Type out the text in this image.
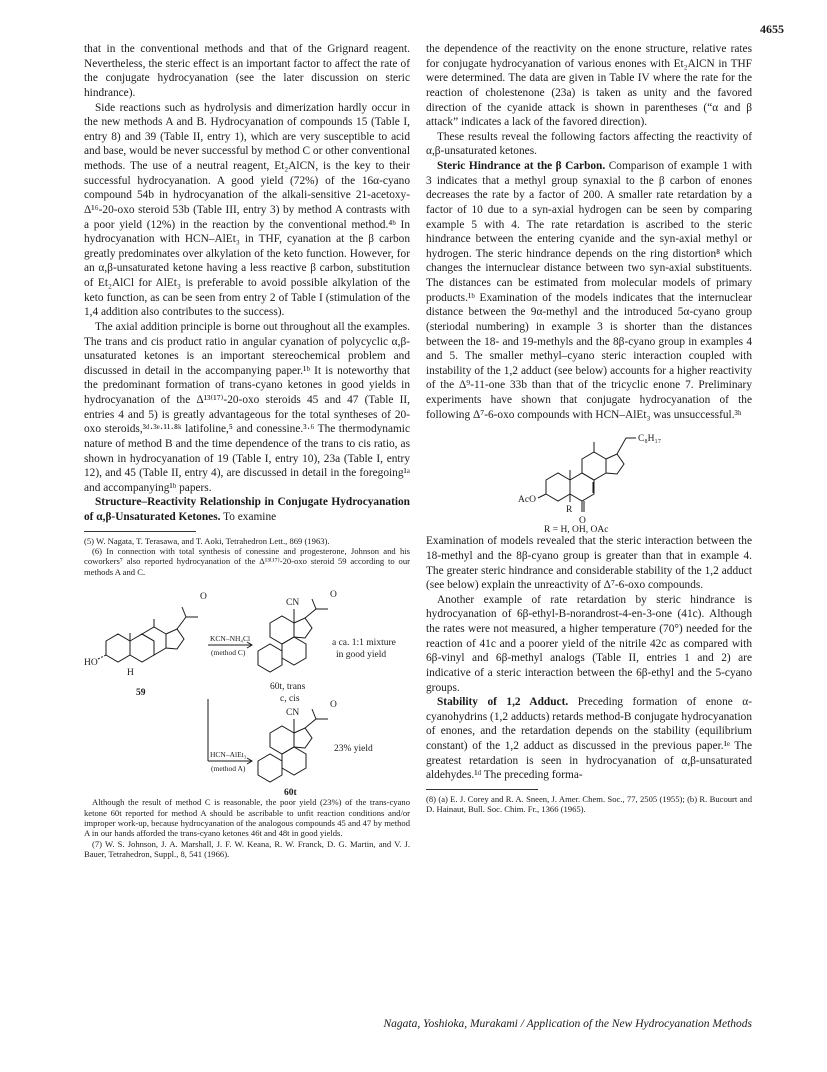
4655

that in the conventional methods and that of the Grignard reagent. Nevertheless, the steric effect is an important factor to affect the rate of the conjugate hydrocyanation (see the later discussion on steric hindrance).

Side reactions such as hydrolysis and dimerization hardly occur in the new methods A and B. Hydrocyanation of compounds 15 (Table I, entry 8) and 39 (Table II, entry 1), which are very susceptible to acid and base, would be never successful by method C or other conventional methods. The use of a neutral reagent, Et₂AlCN, is the key to their successful hydrocyanation. A good yield (72%) of the 16α-cyano compound 54b in hydrocyanation of the alkali-sensitive 21-acetoxy-Δ¹⁶-20-oxo steroid 53b (Table III, entry 3) by method A contrasts with a poor yield (12%) in the reaction by the conventional method.⁴ᵇ In hydrocyanation with HCN–AlEt₃ in THF, cyanation at the β carbon greatly predominates over alkylation of the keto function. However, for an α,β-unsaturated ketone having a less reactive β carbon, substitution of Et₂AlCl for AlEt₃ is preferable to avoid possible alkylation of the keto function, as can be seen from entry 2 of Table I (stimulation of the 1,4 addition also contributes to the success).

The axial addition principle is borne out throughout all the examples. The trans and cis product ratio in angular cyanation of polycyclic α,β-unsaturated ketones is an important stereochemical problem and discussed in detail in the accompanying paper.¹ᵇ It is noteworthy that the predominant formation of trans-cyano ketones in good yields in hydrocyanation of the Δ¹³⁽¹⁷⁾-20-oxo steroids 45 and 47 (Table II, entries 4 and 5) is greatly advantageous for the total syntheses of 20-oxo steroids,³ᵈ·³ᵉ·¹¹·⁸ᵏ latifoline,⁵ and conessine.³·⁶ The thermodynamic nature of method B and the time dependence of the trans to cis ratio, as shown in hydrocyanation of 19 (Table I, entry 10), 23a (Table I, entry 12), and 45 (Table II, entry 4), are discussed in detail in the foregoing¹ᵃ and accompanying¹ᵇ papers.

Structure–Reactivity Relationship in Conjugate Hydrocyanation of α,β-Unsaturated Ketones. To examine

(5) W. Nagata, T. Terasawa, and T. Aoki, Tetrahedron Lett., 869 (1963).

(6) In connection with total synthesis of conessine and progesterone, Johnson and his coworkers⁷ also reported hydrocyanation of the Δ¹³⁽¹⁷⁾-20-oxo steroid 59 according to our methods A and C.

HO
H
O
59
KCN–NH₄Cl
(method C)
CN
O
a ca. 1:1 mixture
in good yield
60t, trans
c, cis
HCN–AlEt₃
(method A)
CN
O
23% yield
60t

Although the result of method C is reasonable, the poor yield (23%) of the trans-cyano ketone 60t reported for method A should be ascribable to unfit reaction conditions and/or improper work-up, because hydrocyanation of the analogous compounds 45 and 47 by method A in our hands afforded the trans-cyano ketones 46t and 48t in good yields.

(7) W. S. Johnson, J. A. Marshall, J. F. W. Keana, R. W. Franck, D. G. Martin, and V. J. Bauer, Tetrahedron, Suppl., 8, 541 (1966).

the dependence of the reactivity on the enone structure, relative rates for conjugate hydrocyanation of various enones with Et₂AlCN in THF were determined. The data are given in Table IV where the rate for the reaction of cholestenone (23a) is taken as unity and the favored direction of the cyanide attack is shown in parentheses (“α and β attack” indicates a lack of the favored direction).

These results reveal the following factors affecting the reactivity of α,β-unsaturated ketones.

Steric Hindrance at the β Carbon. Comparison of example 1 with 3 indicates that a methyl group synaxial to the β carbon of enones decreases the rate by a factor of 200. A smaller rate retardation by a factor of 10 due to a syn-axial hydrogen can be seen by comparing example 5 with 4. The rate retardation is ascribed to the steric hindrance between the entering cyanide and the syn-axial methyl or hydrogen. The steric hindrance depends on the ring distortion⁸ which changes the internuclear distance between two syn-axial substituents. The distances can be estimated from molecular models of primary products.¹ᵇ Examination of the models indicates that the internuclear distance between the 9α-methyl and the introduced 5α-cyano group (steriodal numbering) in example 3 is shorter than the distances between the 18- and 19-methyls and the 8β-cyano group in examples 4 and 5. The smaller methyl–cyano steric interaction coupled with instability of the 1,2 adduct (see below) accounts for a higher reactivity of the Δ⁹-11-one 33b than that of the tricyclic enone 7. Preliminary experiments have shown that conjugate hydrocyanation of the following Δ⁷-6-oxo compounds with HCN–AlEt₃ was unsuccessful.³ʰ

C₈H₁₇
AcO
R
O
R = H, OH, OAc

Examination of models revealed that the steric interaction between the 18-methyl and the 8β-cyano group is greater than that in example 4. The greater steric hindrance and considerable stability of the 1,2 adduct (see below) explain the unreactivity of Δ⁷-6-oxo compounds.

Another example of rate retardation by steric hindrance is hydrocyanation of 6β-ethyl-B-norandrost-4-en-3-one (41c). Although the rates were not measured, a higher temperature (70°) needed for the reaction of 41c and a poorer yield of the nitrile 42c as compared with 6β-vinyl and 6β-methyl analogs (Table II, entries 1 and 2) are indicative of a steric interaction between the 6β-ethyl and the 5-cyano groups.

Stability of 1,2 Adduct. Preceding formation of enone α-cyanohydrins (1,2 adducts) retards method-B conjugate hydrocyanation of enones, and the retardation depends on the stability (equilibrium constant) of the 1,2 adduct as discussed in the previous paper.¹ᵉ The greatest retardation is seen in hydrocyanation of α,β-unsaturated aldehydes.¹ᵈ The preceding forma-

(8) (a) E. J. Corey and R. A. Sneen, J. Amer. Chem. Soc., 77, 2505 (1955); (b) R. Bucourt and D. Hainaut, Bull. Soc. Chim. Fr., 1366 (1965).

Nagata, Yoshioka, Murakami / Application of the New Hydrocyanation Methods
